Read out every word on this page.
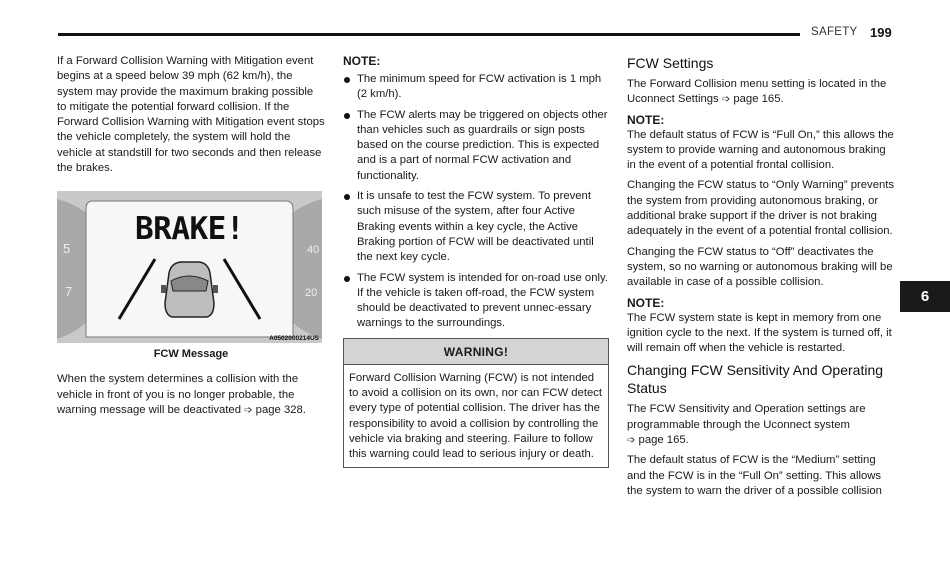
SAFETY 199

If a Forward Collision Warning with Mitigation event begins at a speed below 39 mph (62 km/h), the system may provide the maximum braking possible to mitigate the potential forward collision. If the Forward Collision Warning with Mitigation event stops the vehicle completely, the system will hold the vehicle at standstill for two seconds and then release the brakes.

5
7	20
40
BRAKE!
A0502000214US

FCW Message

When the system determines a collision with the vehicle in front of you is no longer probable, the warning message will be deactivated ➩ page 328.

NOTE:

The minimum speed for FCW activation is 1 mph (2 km/h).
The FCW alerts may be triggered on objects other than vehicles such as guardrails or sign posts based on the course prediction. This is expected and is a part of normal FCW activation and functionality.
It is unsafe to test the FCW system. To prevent such misuse of the system, after four Active Braking events within a key cycle, the Active Braking portion of FCW will be deactivated until the next key cycle.
The FCW system is intended for on-road use only. If the vehicle is taken off-road, the FCW system should be deactivated to prevent unnec-essary warnings to the surroundings.
WARNING!
Forward Collision Warning (FCW) is not intended to avoid a collision on its own, nor can FCW detect every type of potential collision. The driver has the responsibility to avoid a collision by controlling the vehicle via braking and steering. Failure to follow this warning could lead to serious injury or death.
FCW Settings

The Forward Collision menu setting is located in the Uconnect Settings ➩ page 165.

NOTE:

The default status of FCW is “Full On,” this allows the system to provide warning and autonomous braking in the event of a potential frontal collision.

Changing the FCW status to “Only Warning” prevents the system from providing autonomous braking, or additional brake support if the driver is not braking adequately in the event of a potential frontal collision.

Changing the FCW status to “Off” deactivates the system, so no warning or autonomous braking will be available in case of a possible collision.

NOTE:

The FCW system state is kept in memory from one ignition cycle to the next. If the system is turned off, it will remain off when the vehicle is restarted.

Changing FCW Sensitivity And Operating Status

The FCW Sensitivity and Operation settings are programmable through the Uconnect system
➩ page 165.

The default status of FCW is the “Medium” setting and the FCW is in the “Full On” setting. This allows the system to warn the driver of a possible collision

6
